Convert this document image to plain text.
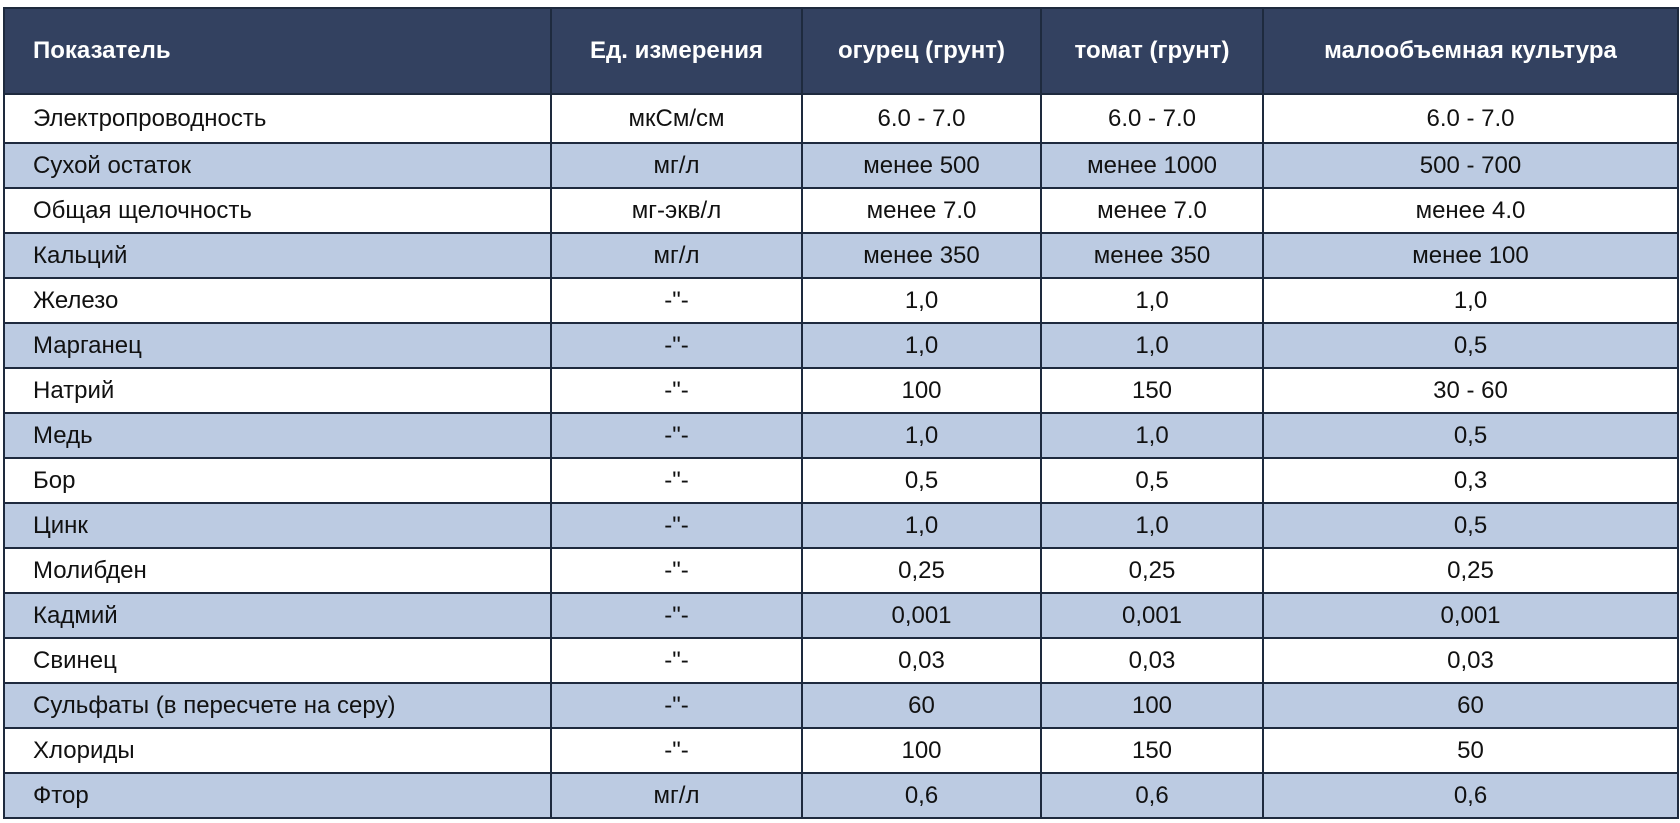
Показатель	Ед. измерения	огурец (грунт)	томат (грунт)	малообъемная культура
Электропроводность	мкСм/см	6.0 - 7.0	6.0 - 7.0	6.0 - 7.0
Сухой остаток	мг/л	менее 500	менее 1000	500 - 700
Общая щелочность	мг-экв/л	менее 7.0	менее 7.0	менее 4.0
Кальций	мг/л	менее 350	менее 350	менее 100
Железо	-"-	1,0	1,0	1,0
Марганец	-"-	1,0	1,0	0,5
Натрий	-"-	100	150	30 - 60
Медь	-"-	1,0	1,0	0,5
Бор	-"-	0,5	0,5	0,3
Цинк	-"-	1,0	1,0	0,5
Молибден	-"-	0,25	0,25	0,25
Кадмий	-"-	0,001	0,001	0,001
Свинец	-"-	0,03	0,03	0,03
Сульфаты (в пересчете на серу)	-"-	60	100	60
Хлориды	-"-	100	150	50
Фтор	мг/л	0,6	0,6	0,6
